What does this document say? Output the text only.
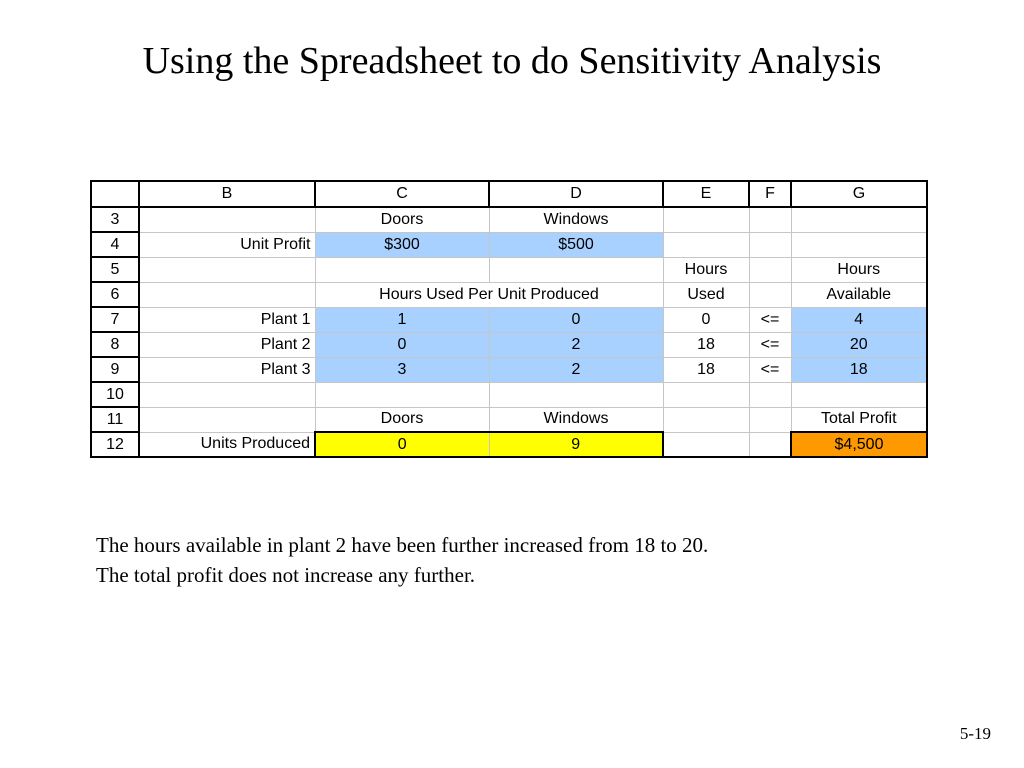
Using the Spreadsheet to do Sensitivity Analysis
	B	C	D	E	F	G
3		Doors	Windows			
4	Unit Profit	$300	$500			
5				Hours		Hours
6		Hours Used Per Unit Produced		Used		Available
7	Plant 1	1	0	0	<=	4
8	Plant 2	0	2	18	<=	20
9	Plant 3	3	2	18	<=	18
10						
11		Doors	Windows			Total Profit
12	Units Produced	0	9			$4,500

The hours available in plant 2 have been further increased from 18 to 20.

The total profit does not increase any further.

5-19
